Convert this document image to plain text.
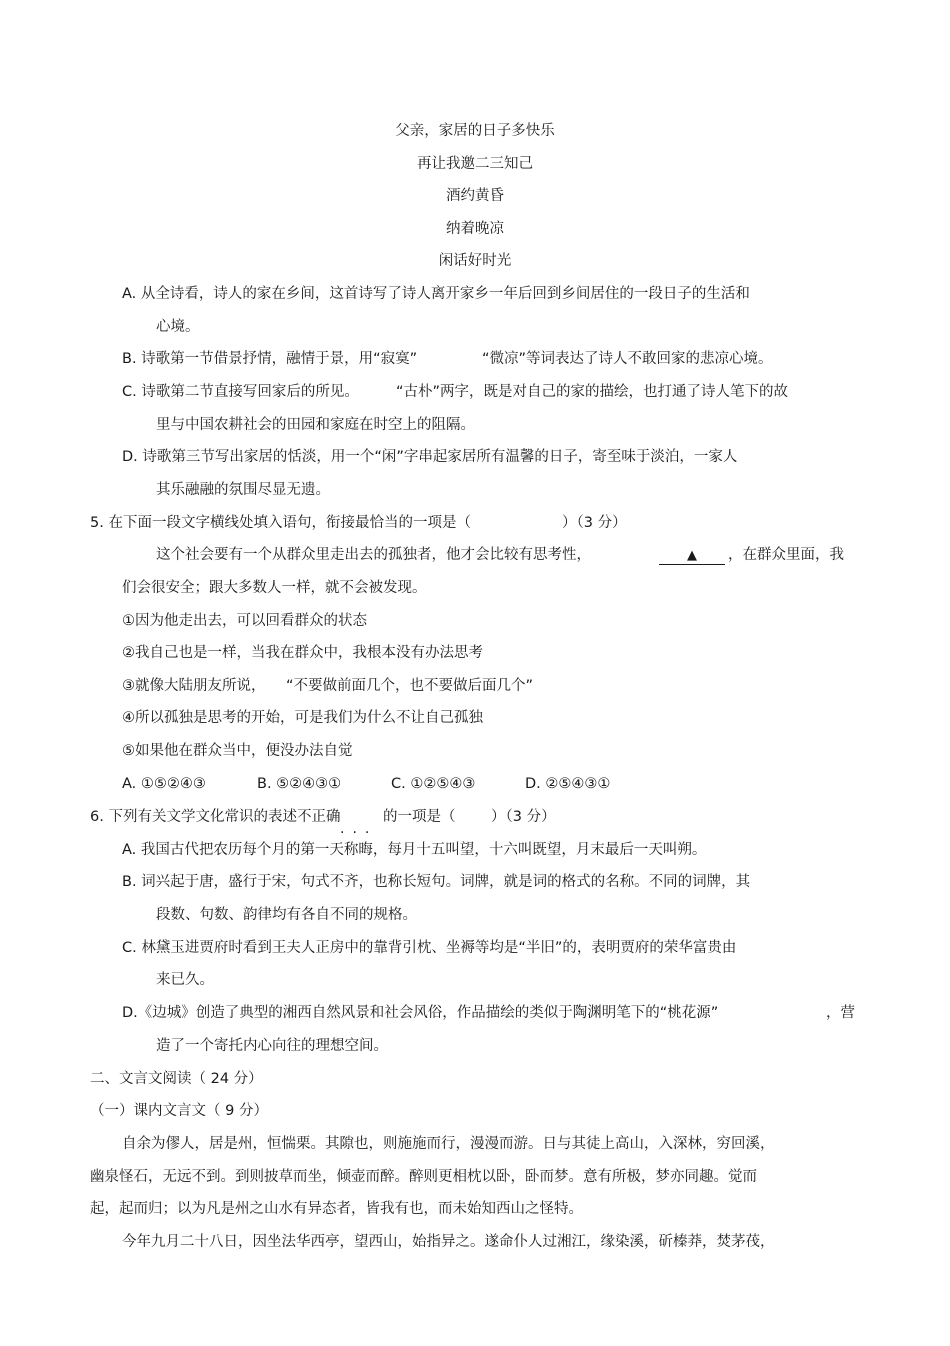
父亲，家居的日子多快乐
再让我邀二三知己
酒约黄昏
纳着晚凉
闲话好时光
A. 从全诗看，诗人的家在乡间，这首诗写了诗人离开家乡一年后回到乡间居住的一段日子的生活和
心境。
B. 诗歌第一节借景抒情，融情于景，用“寂寞”	“微凉”等词表达了诗人不敢回家的悲凉心境。
C. 诗歌第二节直接写回家后的所见。	“古朴”两字，既是对自己的家的描绘，也打通了诗人笔下的故
里与中国农耕社会的田园和家庭在时空上的阻隔。
D. 诗歌第三节写出家居的恬淡，用一个“闲”字串起家居所有温馨的日子，寄至味于淡泊，一家人
其乐融融的氛围尽显无遗。
5. 在下面一段文字横线处填入语句，衔接最恰当的一项是（	）（3 分）
这个社会要有一个从群众里走出去的孤独者，他才会比较有思考性，	▲	，在群众里面，我
们会很安全；跟大多数人一样，就不会被发现。
①因为他走出去，可以回看群众的状态
②我自己也是一样，当我在群众中，我根本没有办法思考
③就像大陆朋友所说， “不要做前面几个，也不要做后面几个”
④所以孤独是思考的开始，可是我们为什么不让自己孤独
⑤如果他在群众当中，便没办法自觉
A. ①⑤②④③	B. ⑤②④③①	C. ①②⑤④③	D. ②⑤④③①
6. 下列有关文学文化常识的表述不正确
...
的一项是（ ）（3 分）
A. 我国古代把农历每个月的第一天称晦，每月十五叫望，十六叫既望，月末最后一天叫朔。
B. 词兴起于唐，盛行于宋，句式不齐，也称长短句。词牌，就是词的格式的名称。不同的词牌，其
段数、句数、韵律均有各自不同的规格。
C. 林黛玉进贾府时看到王夫人正房中的靠背引枕、坐褥等均是“半旧”的，表明贾府的荣华富贵由
来已久。
D.《边城》创造了典型的湘西自然风景和社会风俗，作品描绘的类似于陶渊明笔下的“桃花源”	，营
造了一个寄托内心向往的理想空间。
二、文言文阅读（ 24 分）
（一）课内文言文（ 9 分）
自余为僇人，居是州，恒惴栗。其隙也，则施施而行，漫漫而游。日与其徒上高山，入深林，穷回溪，
幽泉怪石，无远不到。到则披草而坐，倾壶而醉。醉则更相枕以卧，卧而梦。意有所极，梦亦同趣。觉而
起，起而归；以为凡是州之山水有异态者，皆我有也，而未始知西山之怪特。
今年九月二十八日，因坐法华西亭，望西山，始指异之。遂命仆人过湘江，缘染溪，斫榛莽，焚茅茷，
